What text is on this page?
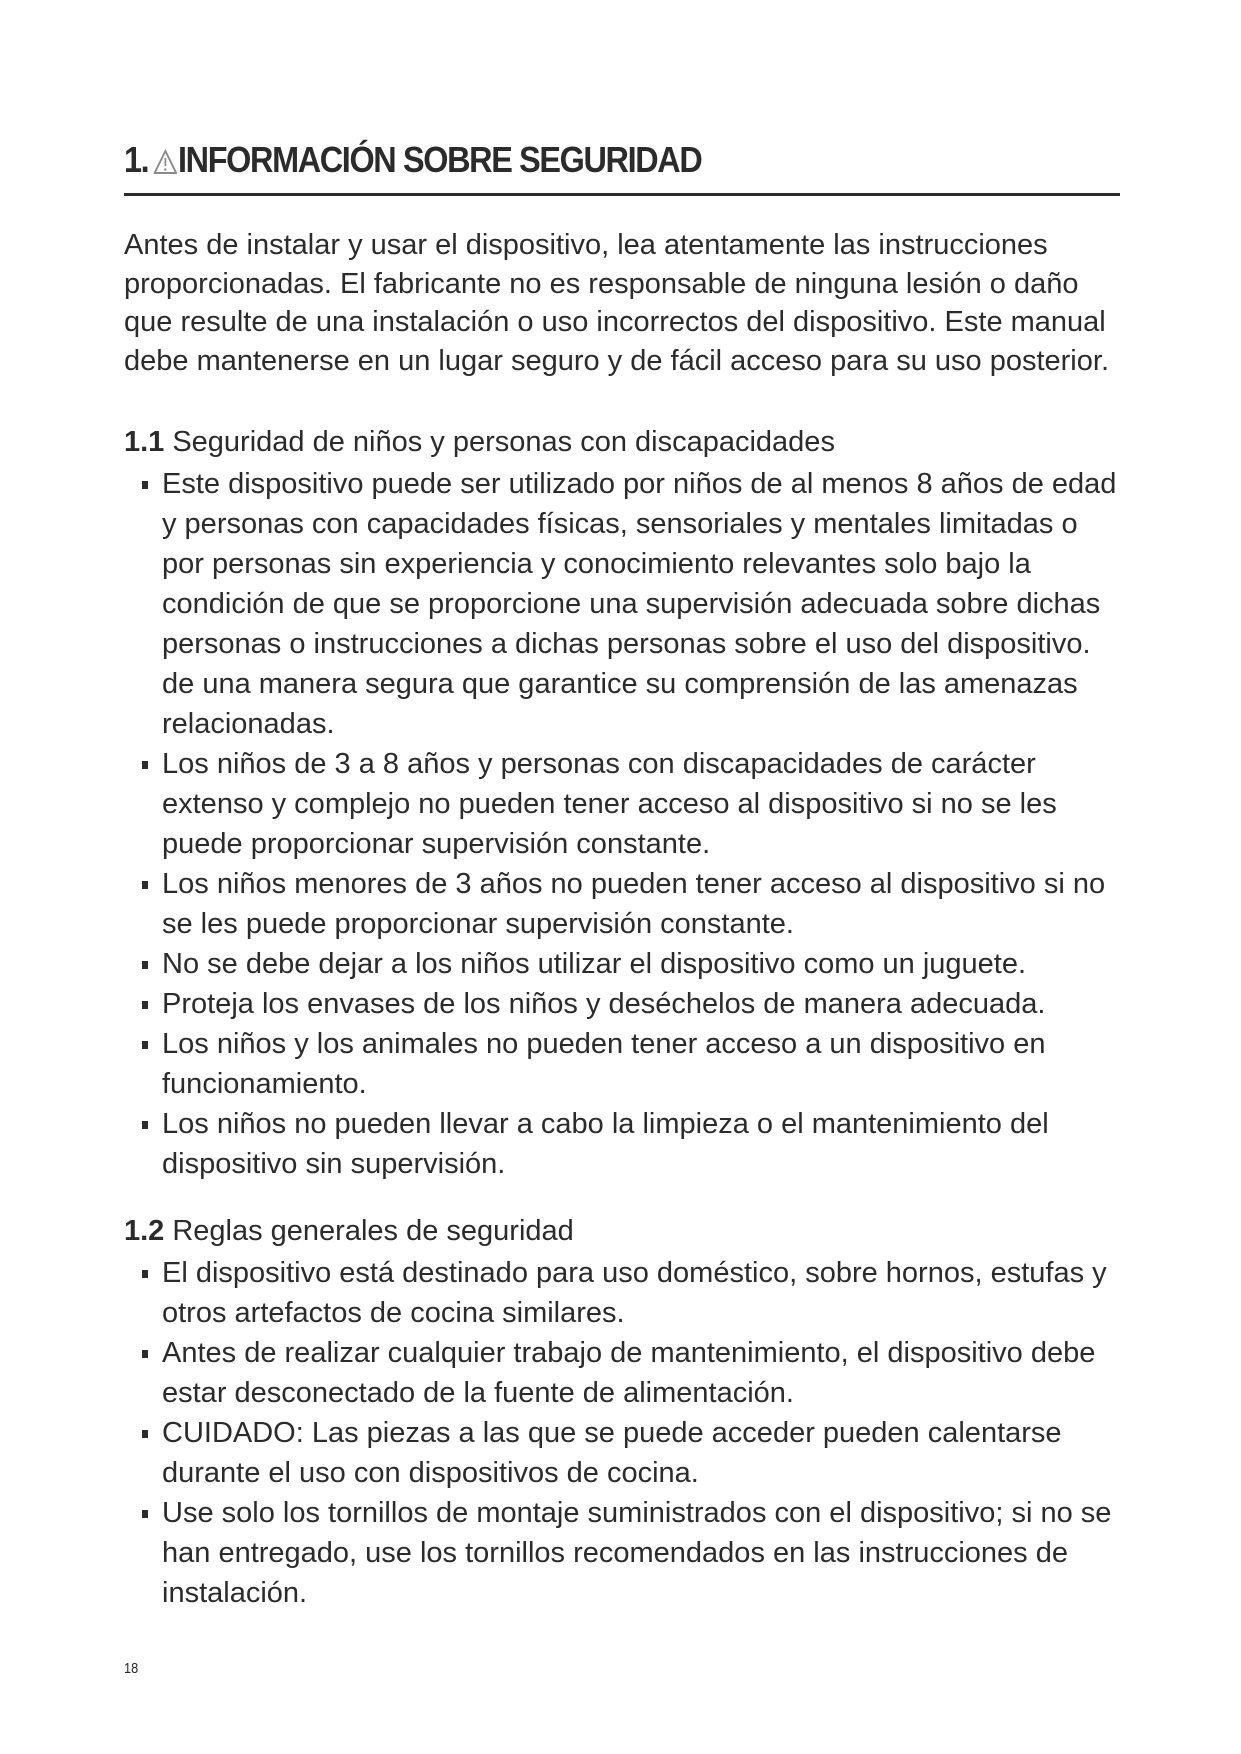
1. INFORMACIÓN SOBRE SEGURIDAD

Antes de instalar y usar el dispositivo, lea atentamente las instrucciones proporcionadas. El fabricante no es responsable de ninguna lesión o daño que resulte de una instalación o uso incorrectos del dispositivo. Este manual debe mantenerse en un lugar seguro y de fácil acceso para su uso posterior.

1.1 Seguridad de niños y personas con discapacidades
Este dispositivo puede ser utilizado por niños de al menos 8 años de edad y personas con capacidades físicas, sensoriales y mentales limitadas o por personas sin experiencia y conocimiento relevantes solo bajo la condición de que se proporcione una supervisión adecuada sobre dichas personas o instrucciones a dichas personas sobre el uso del dispositivo. de una manera segura que garantice su comprensión de las amenazas relacionadas.
Los niños de 3 a 8 años y personas con discapacidades de carácter extenso y complejo no pueden tener acceso al dispositivo si no se les puede proporcionar supervisión constante.
Los niños menores de 3 años no pueden tener acceso al dispositivo si no se les puede proporcionar supervisión constante.
No se debe dejar a los niños utilizar el dispositivo como un juguete.
Proteja los envases de los niños y deséchelos de manera adecuada.
Los niños y los animales no pueden tener acceso a un dispositivo en funcionamiento.
Los niños no pueden llevar a cabo la limpieza o el mantenimiento del dispositivo sin supervisión.
1.2 Reglas generales de seguridad
El dispositivo está destinado para uso doméstico, sobre hornos, estufas y otros artefactos de cocina similares.
Antes de realizar cualquier trabajo de mantenimiento, el dispositivo debe estar desconectado de la fuente de alimentación.
CUIDADO: Las piezas a las que se puede acceder pueden calentarse durante el uso con dispositivos de cocina.
Use solo los tornillos de montaje suministrados con el dispositivo; si no se han entregado, use los tornillos recomendados en las instrucciones de instalación.
18
